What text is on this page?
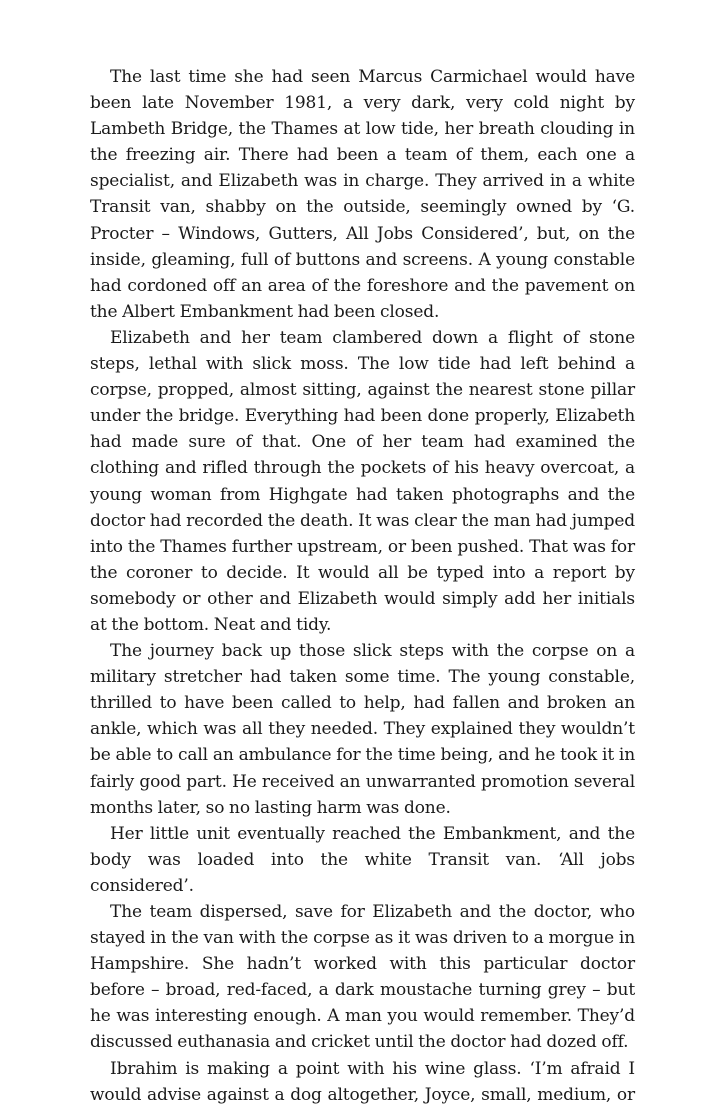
The last time she had seen Marcus Carmichael would have been late November 1981, a very dark, very cold night by Lambeth Bridge, the Thames at low tide, her breath clouding in the freezing air. There had been a team of them, each one a specialist, and Elizabeth was in charge. They arrived in a white Transit van, shabby on the outside, seemingly owned by ‘G. Procter – Windows, Gutters, All Jobs Considered’, but, on the inside, gleaming, full of buttons and screens. A young constable had cordoned off an area of the foreshore and the pavement on the Albert Embankment had been closed.

Elizabeth and her team clambered down a flight of stone steps, lethal with slick moss. The low tide had left behind a corpse, propped, almost sitting, against the nearest stone pillar under the bridge. Everything had been done properly, Elizabeth had made sure of that. One of her team had examined the clothing and rifled through the pockets of his heavy overcoat, a young woman from Highgate had taken photographs and the doctor had recorded the death. It was clear the man had jumped into the Thames further upstream, or been pushed. That was for the coroner to decide. It would all be typed into a report by somebody or other and Elizabeth would simply add her initials at the bottom. Neat and tidy.

The journey back up those slick steps with the corpse on a military stretcher had taken some time. The young constable, thrilled to have been called to help, had fallen and broken an ankle, which was all they needed. They explained they wouldn’t be able to call an ambulance for the time being, and he took it in fairly good part. He received an unwarranted promotion several months later, so no lasting harm was done.

Her little unit eventually reached the Embankment, and the body was loaded into the white Transit van. ‘All jobs considered’.

The team dispersed, save for Elizabeth and the doctor, who stayed in the van with the corpse as it was driven to a morgue in Hampshire. She hadn’t worked with this particular doctor before – broad, red-faced, a dark moustache turning grey – but he was interesting enough. A man you would remember. They’d discussed euthanasia and cricket until the doctor had dozed off.

Ibrahim is making a point with his wine glass. ‘I’m afraid I would advise against a dog altogether, Joyce, small, medium, or
